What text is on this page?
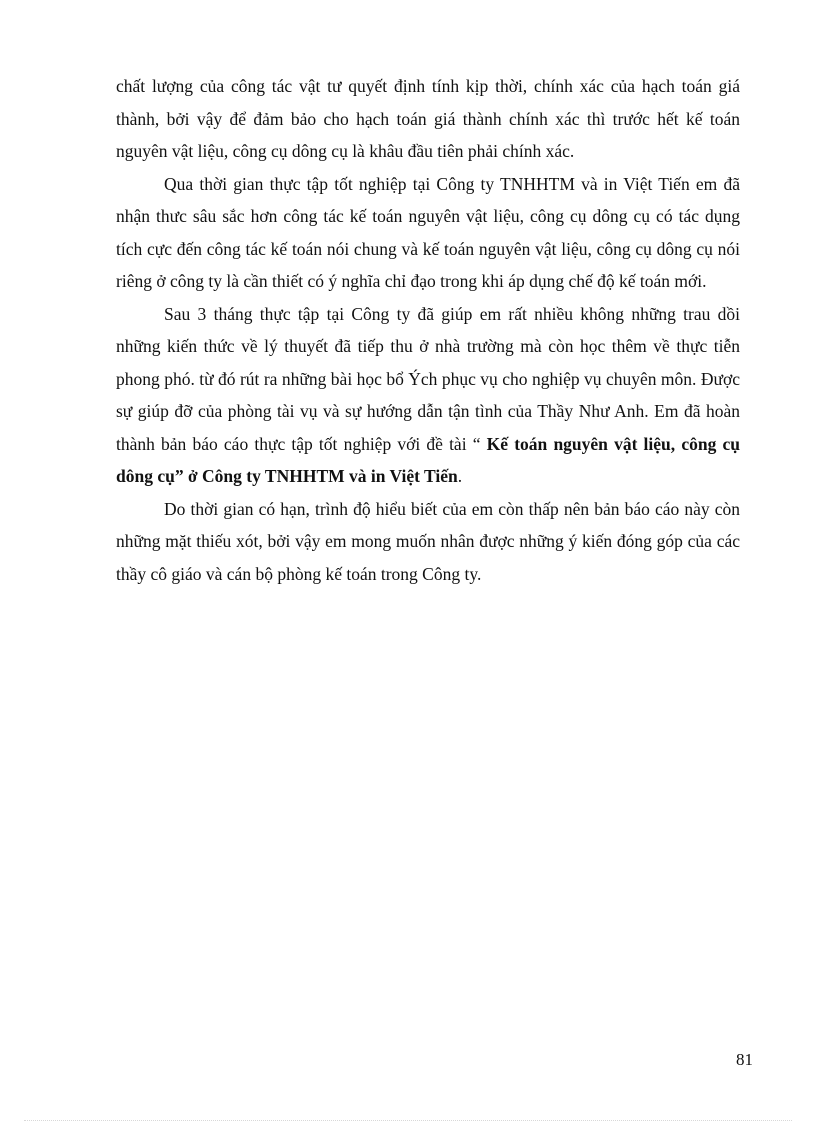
chất lượng của công tác vật tư quyết định tính kịp thời, chính xác của hạch toán giá thành, bởi vậy để đảm bảo cho hạch toán giá thành chính xác thì trước hết kế toán nguyên vật liệu, công cụ dông cụ là khâu đầu tiên phải chính xác.

Qua thời gian thực tập tốt nghiệp tại Công ty TNHHTM và in Việt Tiến em đã nhận thưc sâu sắc hơn công tác kế toán nguyên vật liệu, công cụ dông cụ có tác dụng tích cực đến công tác kế toán nói chung và kế toán nguyên vật liệu, công cụ dông cụ nói riêng ở công ty là cần thiết có ý nghĩa chỉ đạo trong khi áp dụng chế độ kế toán mới.

Sau 3 tháng thực tập tại Công ty đã giúp em rất nhiều không những trau dồi những kiến thức về lý thuyết đã tiếp thu ở nhà trường mà còn học thêm về thực tiễn phong phó. từ đó rút ra những bài học bổ Ých phục vụ cho nghiệp vụ chuyên môn. Được sự giúp đỡ của phòng tài vụ và sự hướng dẫn tận tình của Thầy Như Anh. Em đã hoàn thành bản báo cáo thực tập tốt nghiệp với đề tài “ Kế toán nguyên vật liệu, công cụ dông cụ” ở Công ty TNHHTM và in Việt Tiến.

Do thời gian có hạn, trình độ hiểu biết của em còn thấp nên bản báo cáo này còn những mặt thiếu xót, bởi vậy em mong muốn nhân được những ý kiến đóng góp của các thầy cô giáo và cán bộ phòng kế toán trong Công ty.

81
